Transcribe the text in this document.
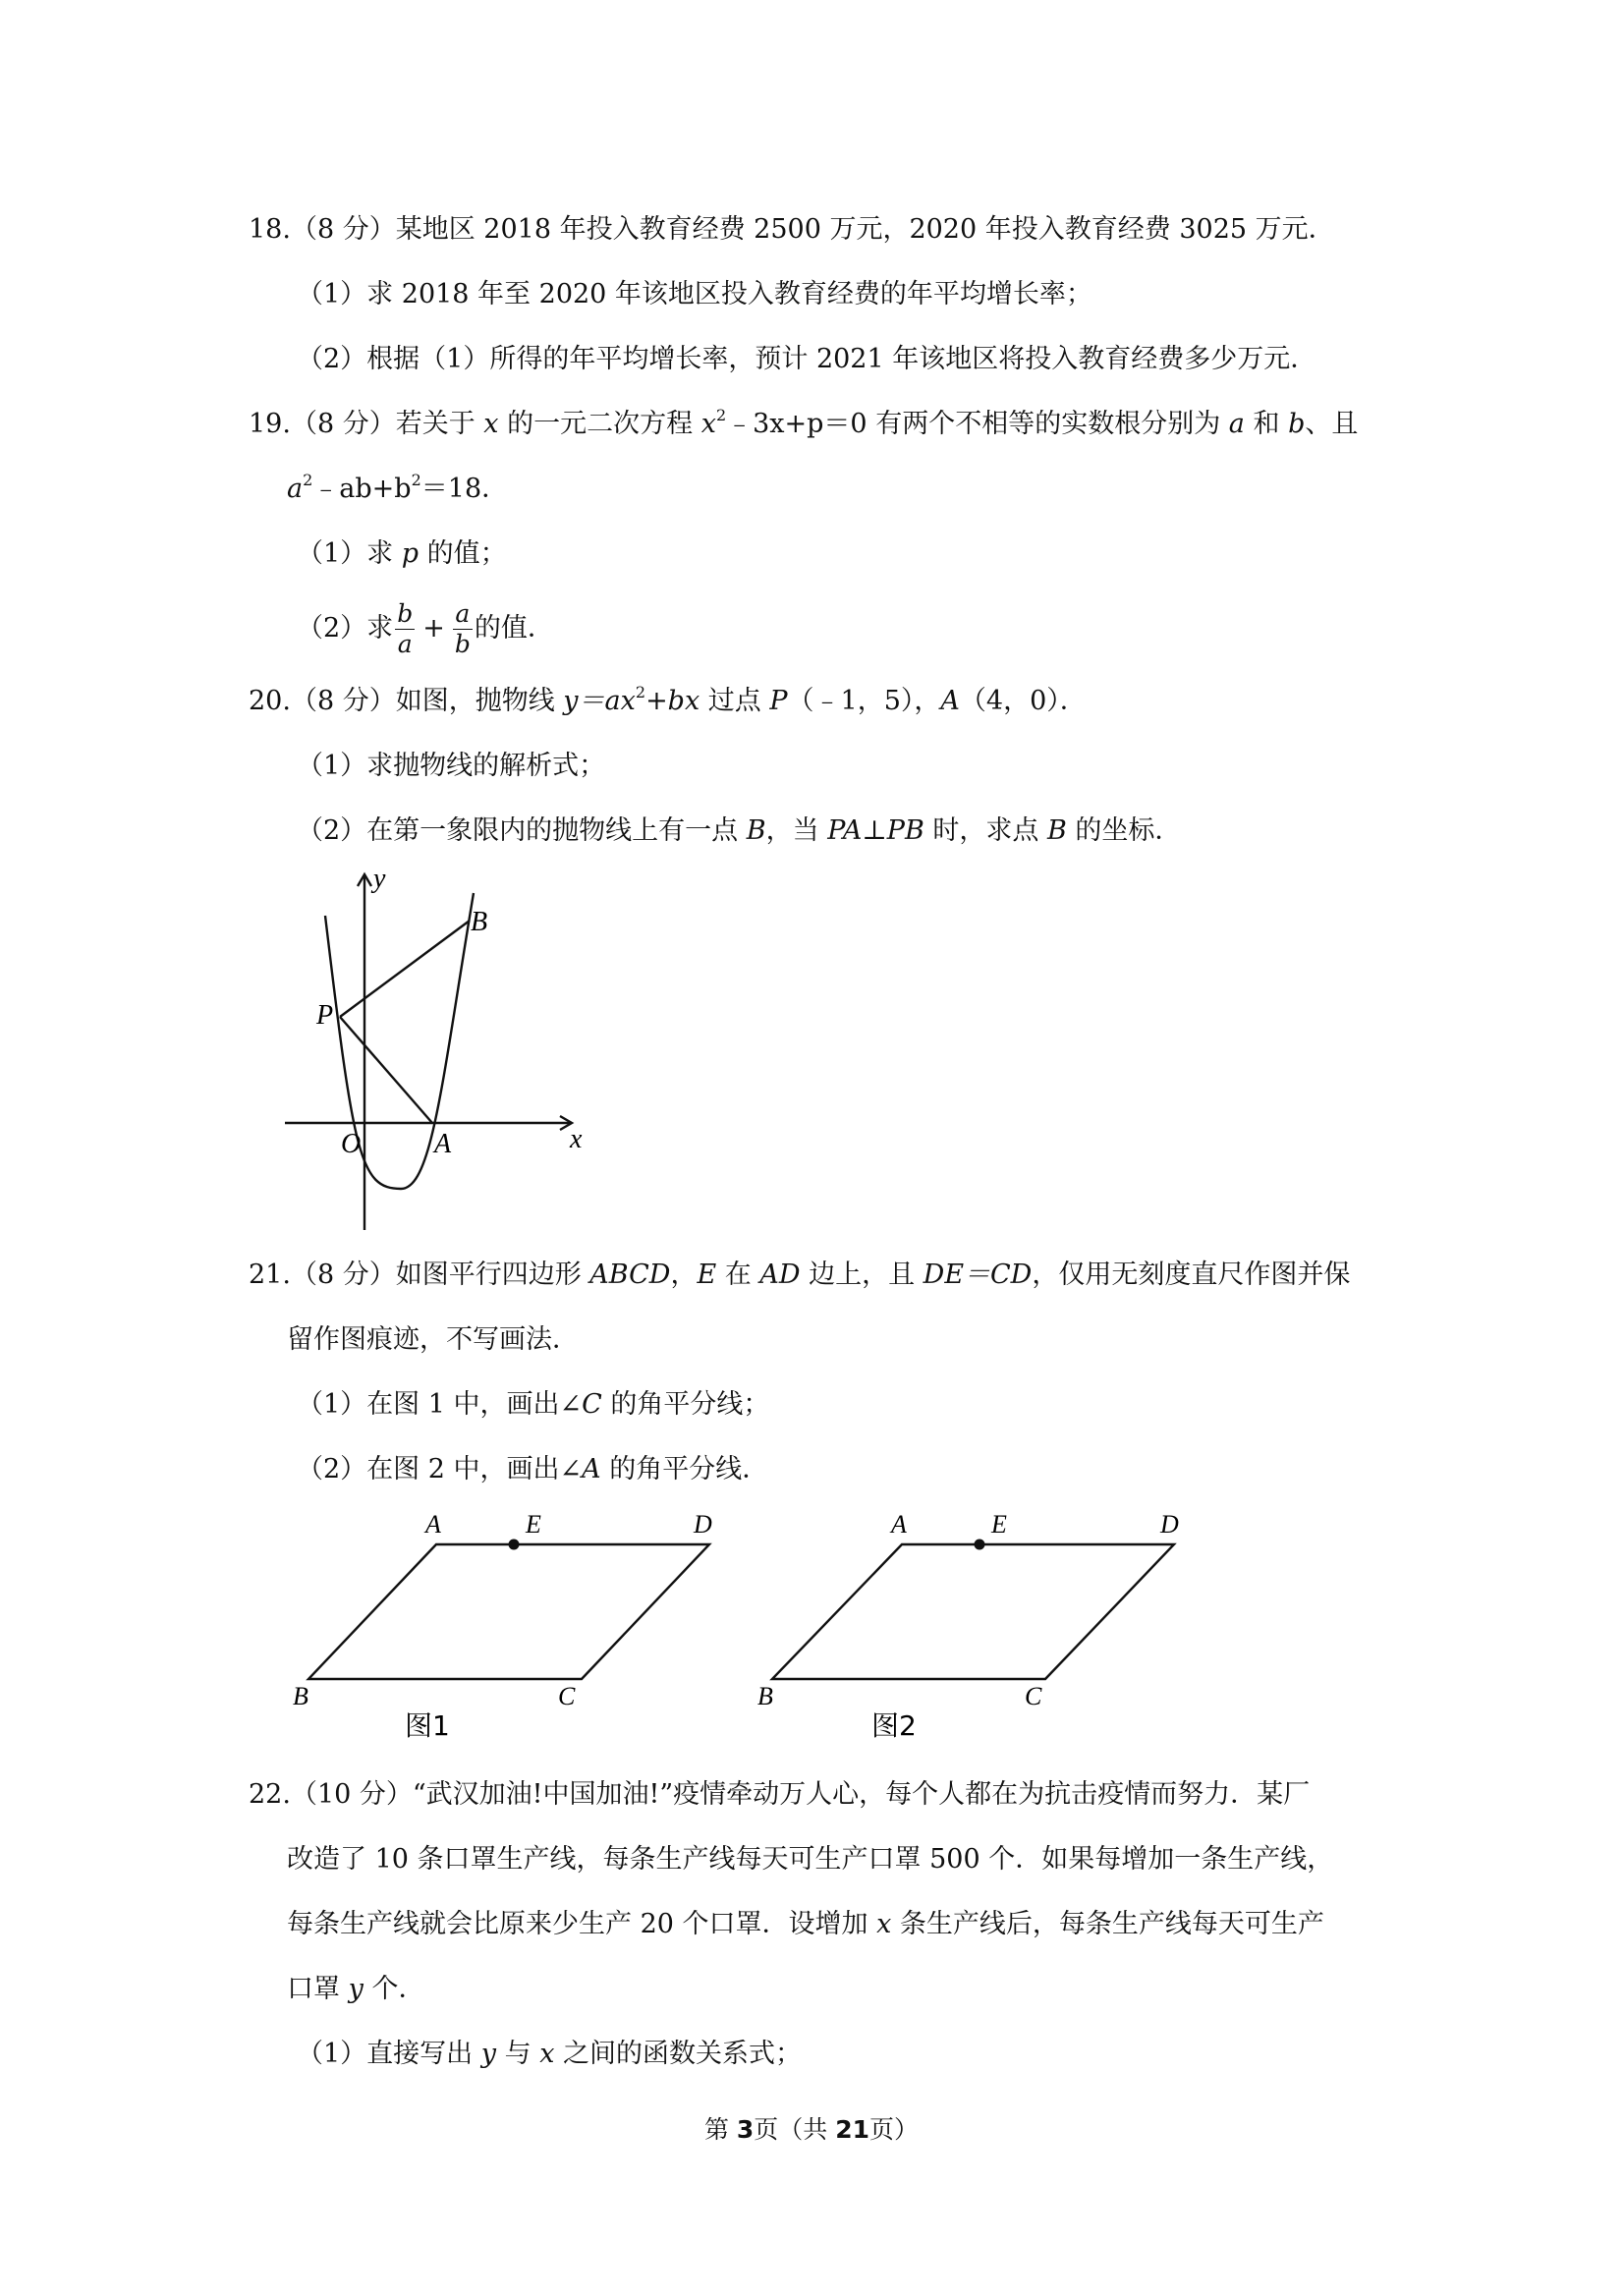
18.（8 分）某地区 2018 年投入教育经费 2500 万元，2020 年投入教育经费 3025 万元．
（1）求 2018 年至 2020 年该地区投入教育经费的年平均增长率；
（2）根据（1）所得的年平均增长率，预计 2021 年该地区将投入教育经费多少万元．
19.（8 分）若关于 x 的一元二次方程 $x^2﹣3x+p=0$ 有两个不相等的实数根分别为 a 和 b、且
$a^2﹣ab+b^2=18$．
（1）求 p 的值；
（2）求 $\frac{b}{a} + \frac{a}{b}$ 的值．
20.（8 分）如图，抛物线 $y=ax^2+bx$ 过点 P（﹣1，5），A（4，0）．
（1）求抛物线的解析式；
（2）在第一象限内的抛物线上有一点 B，当 PA⊥PB 时，求点 B 的坐标．
y
x
O	A
B
P
21.（8 分）如图平行四边形 ABCD，E 在 AD 边上，且 DE＝CD，仅用无刻度直尺作图并保
留作图痕迹，不写画法．
（1）在图 1 中，画出∠C 的角平分线；
（2）在图 2 中，画出∠A 的角平分线．
A	E	D
B	C
图1
A	E	D
B	C
图2
22.（10 分）“武汉加油!中国加油!”疫情牵动万人心，每个人都在为抗击疫情而努力．某厂
改造了 10 条口罩生产线，每条生产线每天可生产口罩 500 个．如果每增加一条生产线，
每条生产线就会比原来少生产 20 个口罩．设增加 x 条生产线后，每条生产线每天可生产
口罩 y 个．
（1）直接写出 y 与 x 之间的函数关系式；
第 3页（共 21页）
